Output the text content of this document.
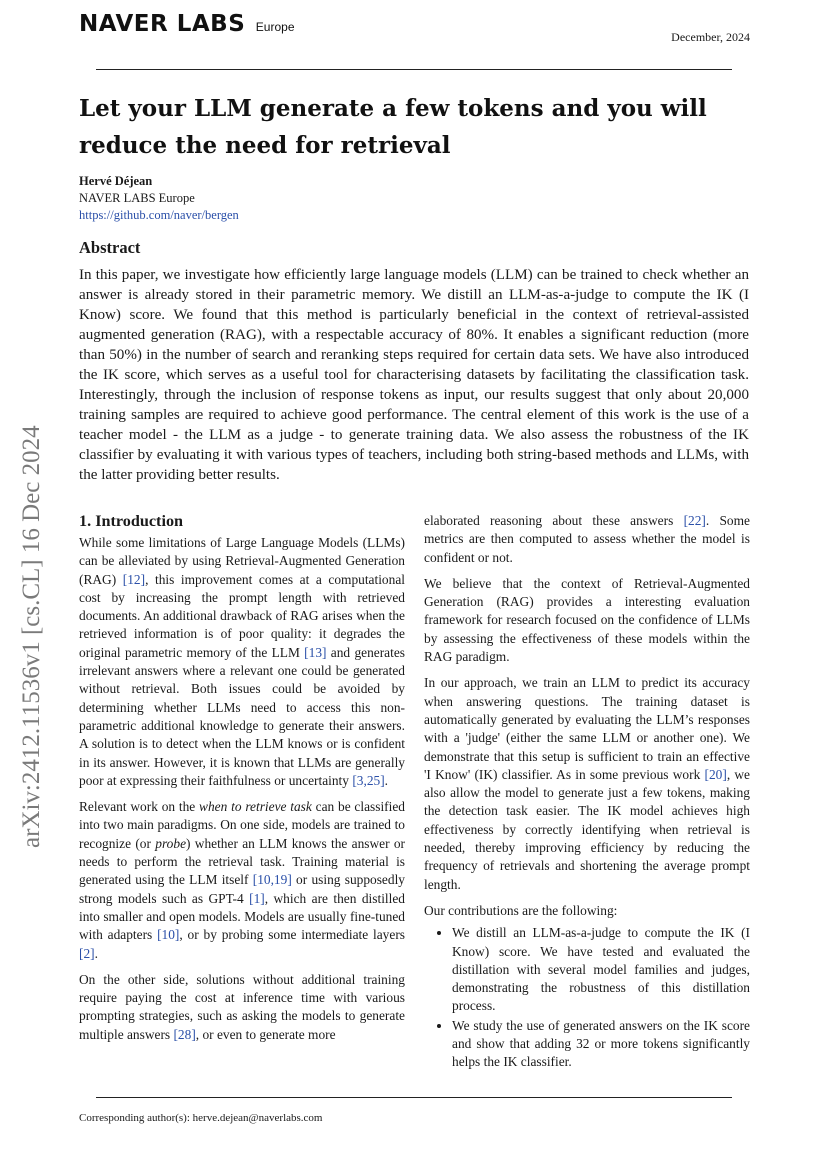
NAVER LABS Europe
December, 2024
Let your LLM generate a few tokens and you will reduce the need for retrieval
Hervé Déjean
NAVER LABS Europe
https://github.com/naver/bergen
Abstract

In this paper, we investigate how efficiently large language models (LLM) can be trained to check whether an answer is already stored in their parametric memory. We distill an LLM-as-a-judge to compute the IK (I Know) score. We found that this method is particularly beneficial in the context of retrieval-assisted augmented generation (RAG), with a respectable accuracy of 80%. It enables a significant reduction (more than 50%) in the number of search and reranking steps required for certain data sets. We have also introduced the IK score, which serves as a useful tool for characterising datasets by facilitating the classification task. Interestingly, through the inclusion of response tokens as input, our results suggest that only about 20,000 training samples are required to achieve good performance. The central element of this work is the use of a teacher model - the LLM as a judge - to generate training data. We also assess the robustness of the IK classifier by evaluating it with various types of teachers, including both string-based methods and LLMs, with the latter providing better results.

arXiv:2412.11536v1 [cs.CL] 16 Dec 2024 1. Introduction

While some limitations of Large Language Models (LLMs) can be alleviated by using Retrieval-Augmented Generation (RAG) [12], this improvement comes at a computational cost by increasing the prompt length with retrieved documents. An additional drawback of RAG arises when the retrieved information is of poor quality: it degrades the original parametric memory of the LLM [13] and generates irrelevant answers where a relevant one could be generated without retrieval. Both issues could be avoided by determining whether LLMs need to access this non-parametric additional knowledge to generate their answers. A solution is to detect when the LLM knows or is confident in its answer. However, it is known that LLMs are generally poor at expressing their faithfulness or uncertainty [3,25].

Relevant work on the when to retrieve task can be classified into two main paradigms. On one side, models are trained to recognize (or probe) whether an LLM knows the answer or needs to perform the retrieval task. Training material is generated using the LLM itself [10,19] or using supposedly strong models such as GPT-4 [1], which are then distilled into smaller and open models. Models are usually fine-tuned with adapters [10], or by probing some intermediate layers [2].

On the other side, solutions without additional training require paying the cost at inference time with various prompting strategies, such as asking the models to generate multiple answers [28], or even to generate more

elaborated reasoning about these answers [22]. Some metrics are then computed to assess whether the model is confident or not.

We believe that the context of Retrieval-Augmented Generation (RAG) provides a interesting evaluation framework for research focused on the confidence of LLMs by assessing the effectiveness of these models within the RAG paradigm.

In our approach, we train an LLM to predict its accuracy when answering questions. The training dataset is automatically generated by evaluating the LLM’s responses with a 'judge' (either the same LLM or another one). We demonstrate that this setup is sufficient to train an effective 'I Know' (IK) classifier. As in some previous work [20], we also allow the model to generate just a few tokens, making the detection task easier. The IK model achieves high effectiveness by correctly identifying when retrieval is needed, thereby improving efficiency by reducing the frequency of retrievals and shortening the average prompt length.

Our contributions are the following:

• We distill an LLM-as-a-judge to compute the IK (I Know) score. We have tested and evaluated the distillation with several model families and judges, demonstrating the robustness of this distillation process.
• We study the use of generated answers on the IK score and show that adding 32 or more tokens significantly helps the IK classifier.
Corresponding author(s): herve.dejean@naverlabs.com
